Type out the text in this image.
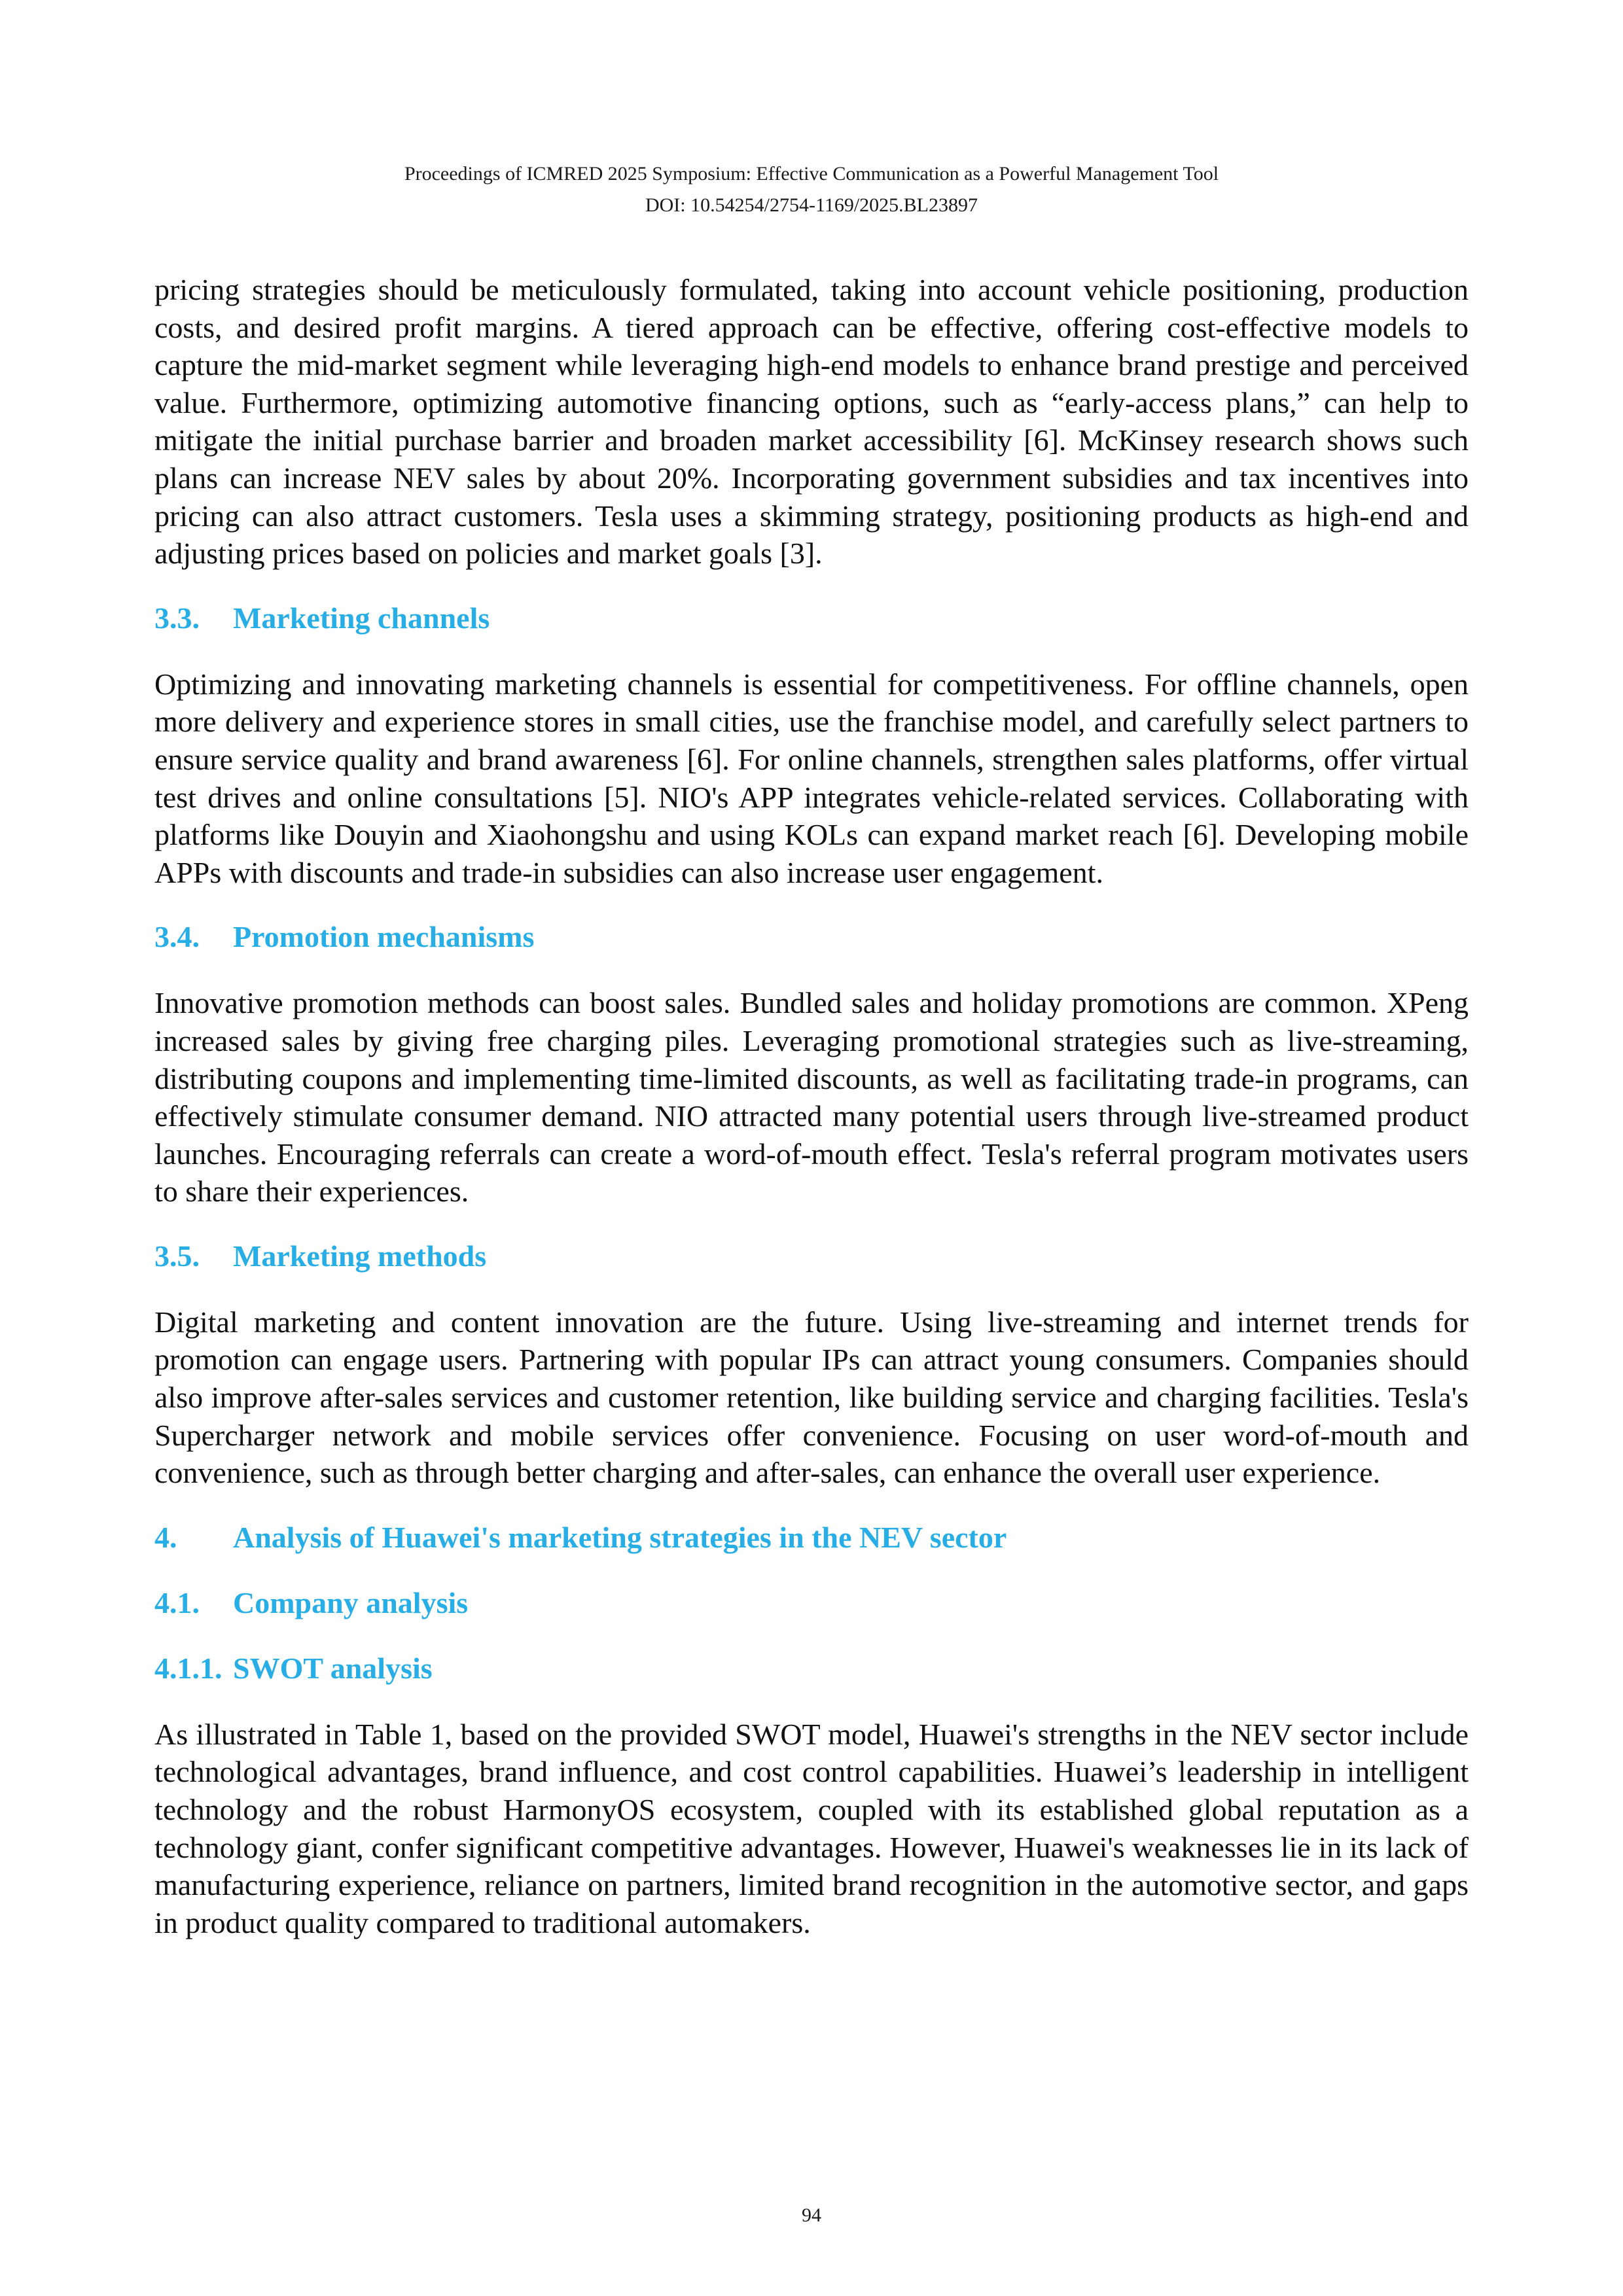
Proceedings of ICMRED 2025 Symposium: Effective Communication as a Powerful Management Tool
DOI: 10.54254/2754-1169/2025.BL23897

pricing strategies should be meticulously formulated, taking into account vehicle positioning, production costs, and desired profit margins. A tiered approach can be effective, offering cost-effective models to capture the mid-market segment while leveraging high-end models to enhance brand prestige and perceived value. Furthermore, optimizing automotive financing options, such as “early-access plans,” can help to mitigate the initial purchase barrier and broaden market accessibility [6]. McKinsey research shows such plans can increase NEV sales by about 20%. Incorporating government subsidies and tax incentives into pricing can also attract customers. Tesla uses a skimming strategy, positioning products as high-end and adjusting prices based on policies and market goals [3].

3.3.	Marketing channels

Optimizing and innovating marketing channels is essential for competitiveness. For offline channels, open more delivery and experience stores in small cities, use the franchise model, and carefully select partners to ensure service quality and brand awareness [6]. For online channels, strengthen sales platforms, offer virtual test drives and online consultations [5]. NIO's APP integrates vehicle-related services. Collaborating with platforms like Douyin and Xiaohongshu and using KOLs can expand market reach [6]. Developing mobile APPs with discounts and trade-in subsidies can also increase user engagement.

3.4.	Promotion mechanisms

Innovative promotion methods can boost sales. Bundled sales and holiday promotions are common. XPeng increased sales by giving free charging piles. Leveraging promotional strategies such as live-streaming, distributing coupons and implementing time-limited discounts, as well as facilitating trade-in programs, can effectively stimulate consumer demand. NIO attracted many potential users through live-streamed product launches. Encouraging referrals can create a word-of-mouth effect. Tesla's referral program motivates users to share their experiences.

3.5.	Marketing methods

Digital marketing and content innovation are the future. Using live-streaming and internet trends for promotion can engage users. Partnering with popular IPs can attract young consumers. Companies should also improve after-sales services and customer retention, like building service and charging facilities. Tesla's Supercharger network and mobile services offer convenience. Focusing on user word-of-mouth and convenience, such as through better charging and after-sales, can enhance the overall user experience.

4.	Analysis of Huawei's marketing strategies in the NEV sector
4.1.	Company analysis
4.1.1. SWOT analysis

As illustrated in Table 1, based on the provided SWOT model, Huawei's strengths in the NEV sector include technological advantages, brand influence, and cost control capabilities. Huawei’s leadership in intelligent technology and the robust HarmonyOS ecosystem, coupled with its established global reputation as a technology giant, confer significant competitive advantages. However, Huawei's weaknesses lie in its lack of manufacturing experience, reliance on partners, limited brand recognition in the automotive sector, and gaps in product quality compared to traditional automakers.

94
